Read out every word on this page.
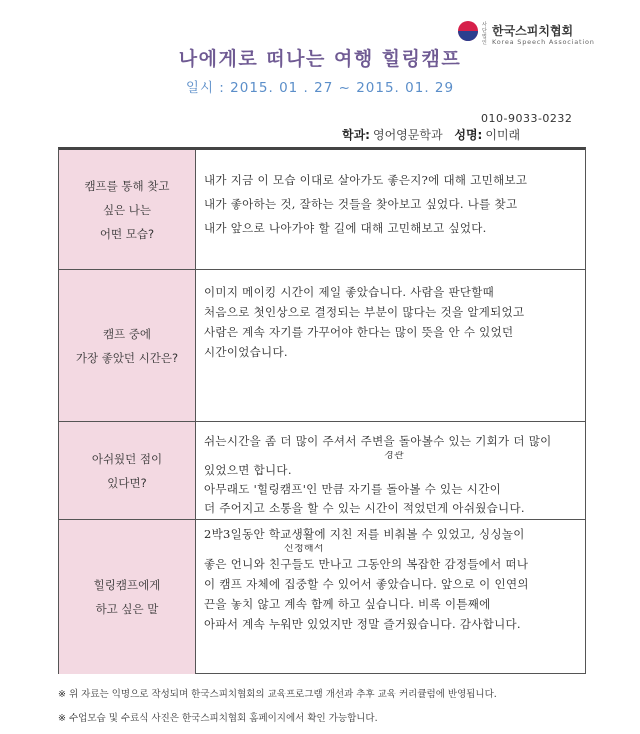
사단법인
한국스피치협회
Korea Speech Association
나에게로 떠나는 여행 힐링캠프
일시 : 2015. 01 . 27 ~ 2015. 01. 29
010-9033-0232
학과: 영어영문학과 성명: 이미래
캠프를 통해 찾고
싶은 나는
어떤 모습?
내가 지금 이 모습 이대로 살아가도 좋은지?에 대해 고민해보고
내가 좋아하는 것, 잘하는 것들을 찾아보고 싶었다. 나를 찾고
내가 앞으로 나아가야 할 길에 대해 고민해보고 싶었다.
캠프 중에
가장 좋았던 시간은?
이미지 메이킹 시간이 제일 좋았습니다. 사람을 판단할때
처음으로 첫인상으로 결정되는 부분이 많다는 것을 알게되었고
사람은 계속 자기를 가꾸어야 한다는 많이 뜻을 안 수 있었던
시간이었습니다.
아쉬웠던 점이
있다면?
쉬는시간을 좀 더 많이 주셔서 주변을 돌아볼수 있는 기회가 더 많이
경관
있었으면 합니다.
아무래도 '힐링캠프'인 만큼 자기를 돌아볼 수 있는 시간이
더 주어지고 소통을 할 수 있는 시간이 적었던게 아쉬웠습니다.
힐링캠프에게
하고 싶은 말
2박3일동안 학교생활에 지친 저를 비춰볼 수 있었고, 싱싱놀이
신청해서
좋은 언니와 친구들도 만나고 그동안의 복잡한 감정들에서 떠나
이 캠프 자체에 집중할 수 있어서 좋았습니다. 앞으로 이 인연의
끈을 놓치 않고 계속 함께 하고 싶습니다. 비록 이튿째에
아파서 계속 누워만 있었지만 정말 즐거웠습니다. 감사합니다.
※ 위 자료는 익명으로 작성되며 한국스피치협회의 교육프로그램 개선과 추후 교육 커리큘럼에 반영됩니다.
※ 수업모습 및 수료식 사진은 한국스피치협회 홈페이지에서 확인 가능합니다.
